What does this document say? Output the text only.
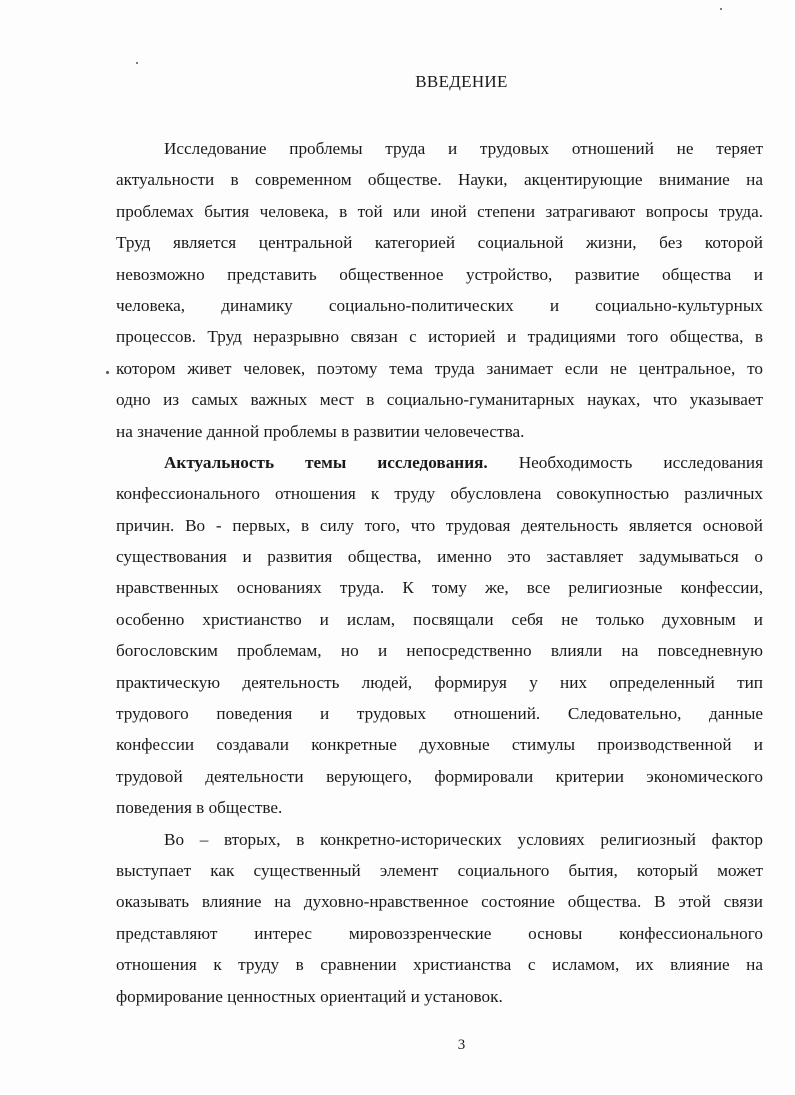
ВВЕДЕНИЕ
Исследование проблемы труда и трудовых отношений не теряет
актуальности в современном обществе. Науки, акцентирующие внимание на
проблемах бытия человека, в той или иной степени затрагивают вопросы труда.
Труд является центральной категорией социальной жизни, без которой
невозможно представить общественное устройство, развитие общества и
человека, динамику социально-политических и социально-культурных
процессов. Труд неразрывно связан с историей и традициями того общества, в
котором живет человек, поэтому тема труда занимает если не центральное, то
одно из самых важных мест в социально-гуманитарных науках, что указывает
на значение данной проблемы в развитии человечества.
Актуальность темы исследования. Необходимость исследования
конфессионального отношения к труду обусловлена совокупностью различных
причин. Во - первых, в силу того, что трудовая деятельность является основой
существования и развития общества, именно это заставляет задумываться о
нравственных основаниях труда. К тому же, все религиозные конфессии,
особенно христианство и ислам, посвящали себя не только духовным и
богословским проблемам, но и непосредственно влияли на повседневную
практическую деятельность людей, формируя у них определенный тип
трудового поведения и трудовых отношений. Следовательно, данные
конфессии создавали конкретные духовные стимулы производственной и
трудовой деятельности верующего, формировали критерии экономического
поведения в обществе.
Во – вторых, в конкретно-исторических условиях религиозный фактор
выступает как существенный элемент социального бытия, который может
оказывать влияние на духовно-нравственное состояние общества. В этой связи
представляют интерес мировоззренческие основы конфессионального
отношения к труду в сравнении христианства с исламом, их влияние на
формирование ценностных ориентаций и установок.
3
